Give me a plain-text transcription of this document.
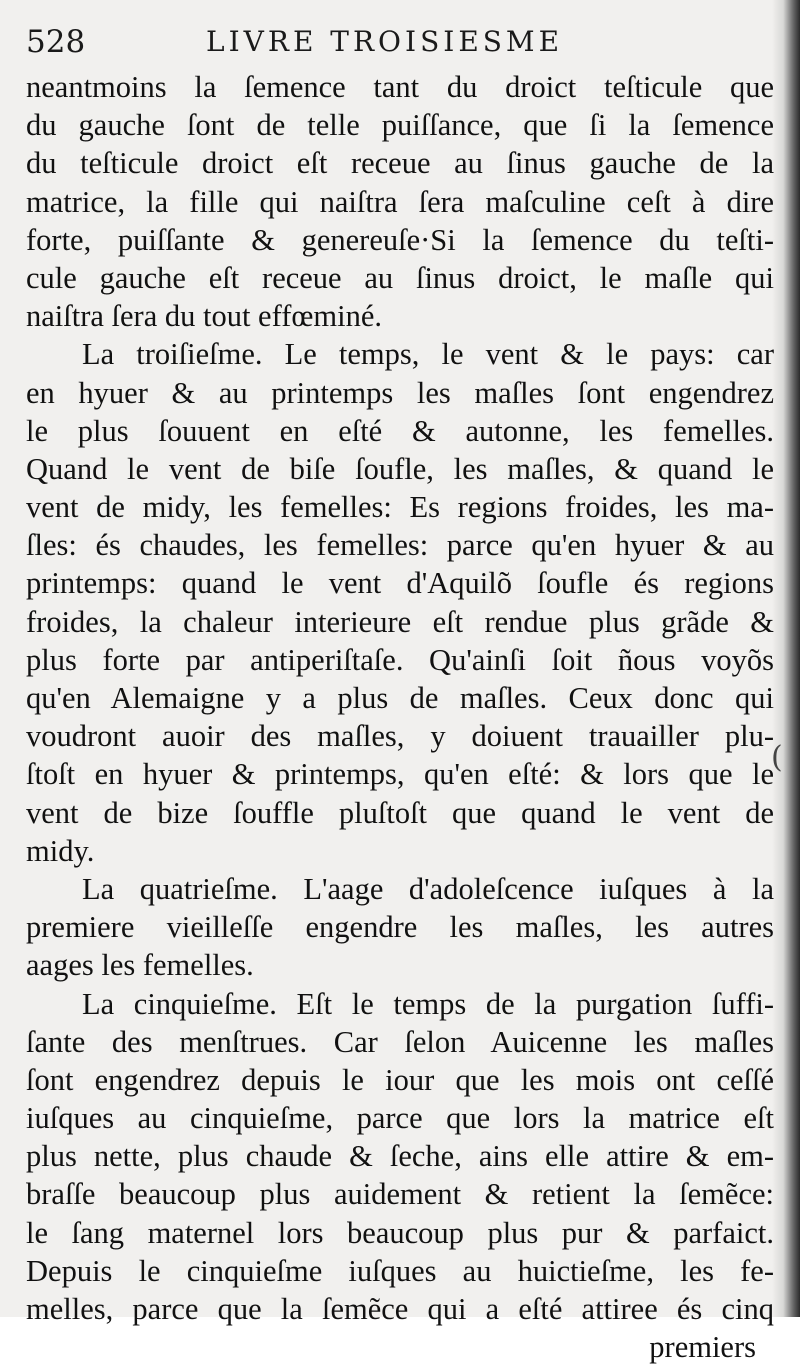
528	LIVRE TROISIESME
neantmoins la ſemence tant du droict teſticule que
du gauche ſont de telle puiſſance, que ſi la ſemence
du teſticule droict eſt receue au ſinus gauche de la
matrice, la fille qui naiſtra ſera maſculine ceſt à dire
forte, puiſſante & genereuſe·Si la ſemence du teſti-
cule gauche eſt receue au ſinus droict, le maſle qui
naiſtra ſera du tout effœminé.
La troiſieſme. Le temps, le vent & le pays: car
en hyuer & au printemps les maſles ſont engendrez
le plus ſouuent en eſté & autonne, les femelles.
Quand le vent de biſe ſoufle, les maſles, & quand le
vent de midy, les femelles: Es regions froides, les ma-
ſles: és chaudes, les femelles: parce qu'en hyuer & au
printemps: quand le vent d'Aquilõ ſoufle és regions
froides, la chaleur interieure eſt rendue plus grãde &
plus forte par antiperiſtaſe. Qu'ainſi ſoit ñous voyõs
qu'en Alemaigne y a plus de maſles. Ceux donc qui
voudront auoir des maſles, y doiuent trauailler plu-
ſtoſt en hyuer & printemps, qu'en eſté: & lors que le
vent de bize ſouffle pluſtoſt que quand le vent de
midy.
La quatrieſme. L'aage d'adoleſcence iuſques à la
premiere vieilleſſe engendre les maſles, les autres
aages les femelles.
La cinquieſme. Eſt le temps de la purgation ſuffi-
ſante des menſtrues. Car ſelon Auicenne les maſles
ſont engendrez depuis le iour que les mois ont ceſſé
iuſques au cinquieſme, parce que lors la matrice eſt
plus nette, plus chaude & ſeche, ains elle attire & em-
braſſe beaucoup plus auidement & retient la ſemẽce:
le ſang maternel lors beaucoup plus pur & parfaict.
Depuis le cinquieſme iuſques au huictieſme, les fe-
melles, parce que la ſemẽce qui a eſté attiree és cinq
premiers
(
